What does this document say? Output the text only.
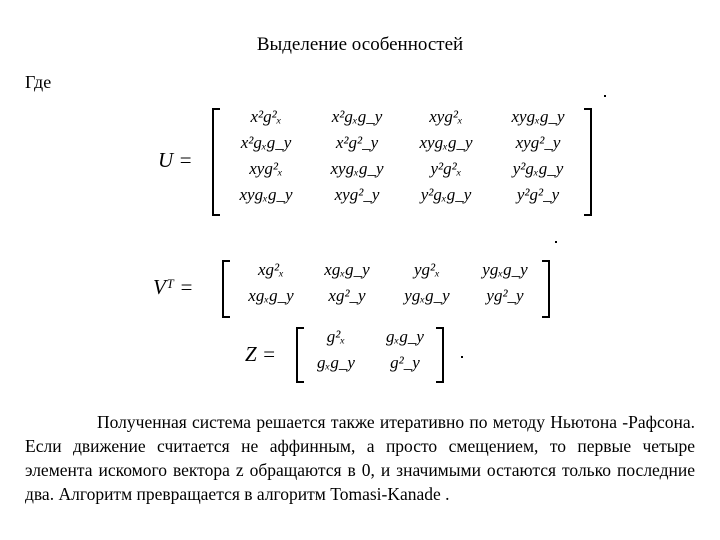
Выделение особенностей
Где
U =
x²g²ₓ	x²gₓg_y	xyg²ₓ	xygₓg_y
x²gₓg_y	x²g²_y	xygₓg_y	xyg²_y
xyg²ₓ	xygₓg_y	y²g²ₓ	y²gₓg_y
xygₓg_y	xyg²_y	y²gₓg_y	y²g²_y
Vᵀ =
xg²ₓ	xgₓg_y	yg²ₓ	ygₓg_y
xgₓg_y	xg²_y	ygₓg_y	yg²_y
Z =
g²ₓ	gₓg_y
gₓg_y	g²_y

Полученная система решается также итеративно по методу Ньютона -Рафсона. Если движение считается не аффинным, а просто смещением, то первые четыре элемента искомого вектора z обращаются в 0, и значимыми остаются только последние два. Алгоритм превращается в алгоритм Tomasi-Kanade .
